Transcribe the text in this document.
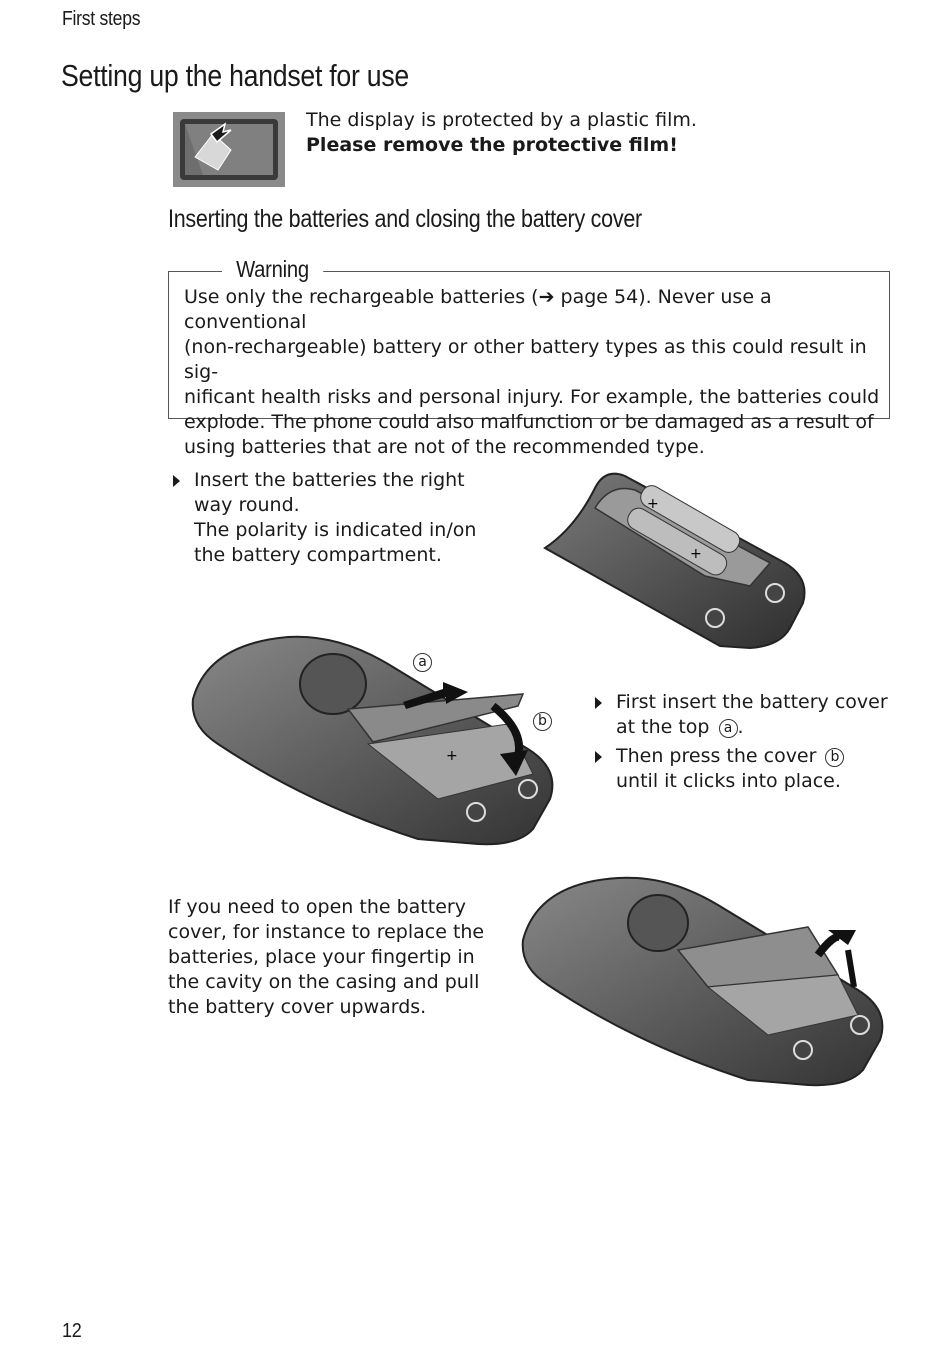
First steps
Setting up the handset for use
The display is protected by a plastic film.
Please remove the protective film!
Inserting the batteries and closing the battery cover
Warning
Use only the rechargeable batteries (➔ page 54). Never use a conventional
(non-rechargeable) battery or other battery types as this could result in sig-
nificant health risks and personal injury. For example, the batteries could
explode. The phone could also malfunction or be damaged as a result of
using batteries that are not of the recommended type.
Insert the batteries the right
way round.
The polarity is indicated in/on
the battery compartment.
+
+
+
a
b
First insert the battery cover
at the top a .
Then press the cover b
until it clicks into place.
If you need to open the battery
cover, for instance to replace the
batteries, place your fingertip in
the cavity on the casing and pull
the battery cover upwards.
12
